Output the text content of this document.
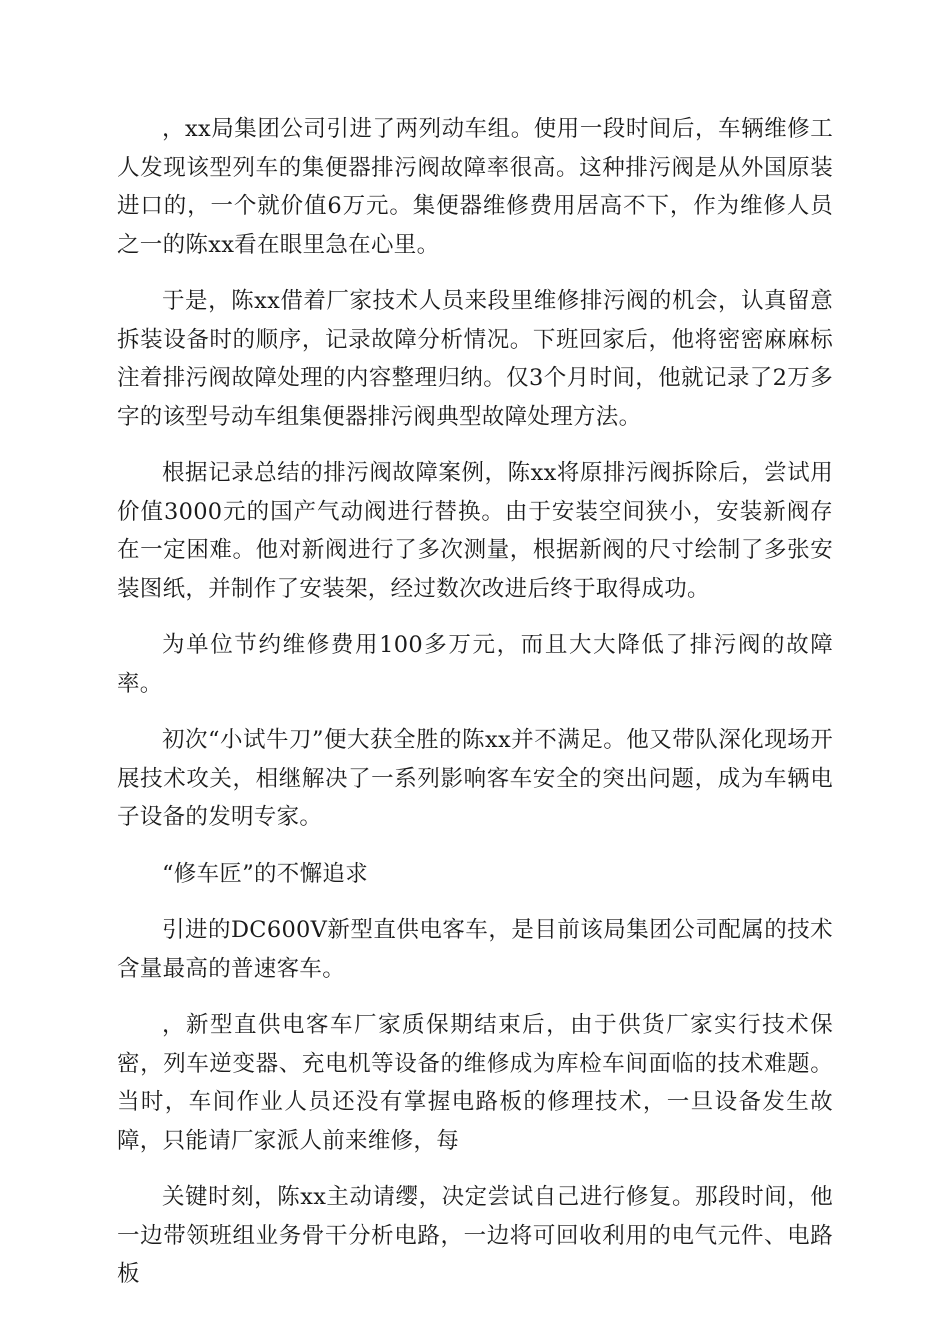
，xx局集团公司引进了两列动车组。使用一段时间后，车辆维修工人发现该型列车的集便器排污阀故障率很高。这种排污阀是从外国原装进口的，一个就价值6万元。集便器维修费用居高不下，作为维修人员之一的陈xx看在眼里急在心里。

于是，陈xx借着厂家技术人员来段里维修排污阀的机会，认真留意拆装设备时的顺序，记录故障分析情况。下班回家后，他将密密麻麻标注着排污阀故障处理的内容整理归纳。仅3个月时间，他就记录了2万多字的该型号动车组集便器排污阀典型故障处理方法。

根据记录总结的排污阀故障案例，陈xx将原排污阀拆除后，尝试用价值3000元的国产气动阀进行替换。由于安装空间狭小，安装新阀存在一定困难。他对新阀进行了多次测量，根据新阀的尺寸绘制了多张安装图纸，并制作了安装架，经过数次改进后终于取得成功。

为单位节约维修费用100多万元，而且大大降低了排污阀的故障率。

初次“小试牛刀”便大获全胜的陈xx并不满足。他又带队深化现场开展技术攻关，相继解决了一系列影响客车安全的突出问题，成为车辆电子设备的发明专家。

“修车匠”的不懈追求

引进的DC600V新型直供电客车，是目前该局集团公司配属的技术含量最高的普速客车。

，新型直供电客车厂家质保期结束后，由于供货厂家实行技术保密，列车逆变器、充电机等设备的维修成为库检车间面临的技术难题。当时，车间作业人员还没有掌握电路板的修理技术，一旦设备发生故障，只能请厂家派人前来维修，每

关键时刻，陈xx主动请缨，决定尝试自己进行修复。那段时间，他一边带领班组业务骨干分析电路，一边将可回收利用的电气元件、电路板
